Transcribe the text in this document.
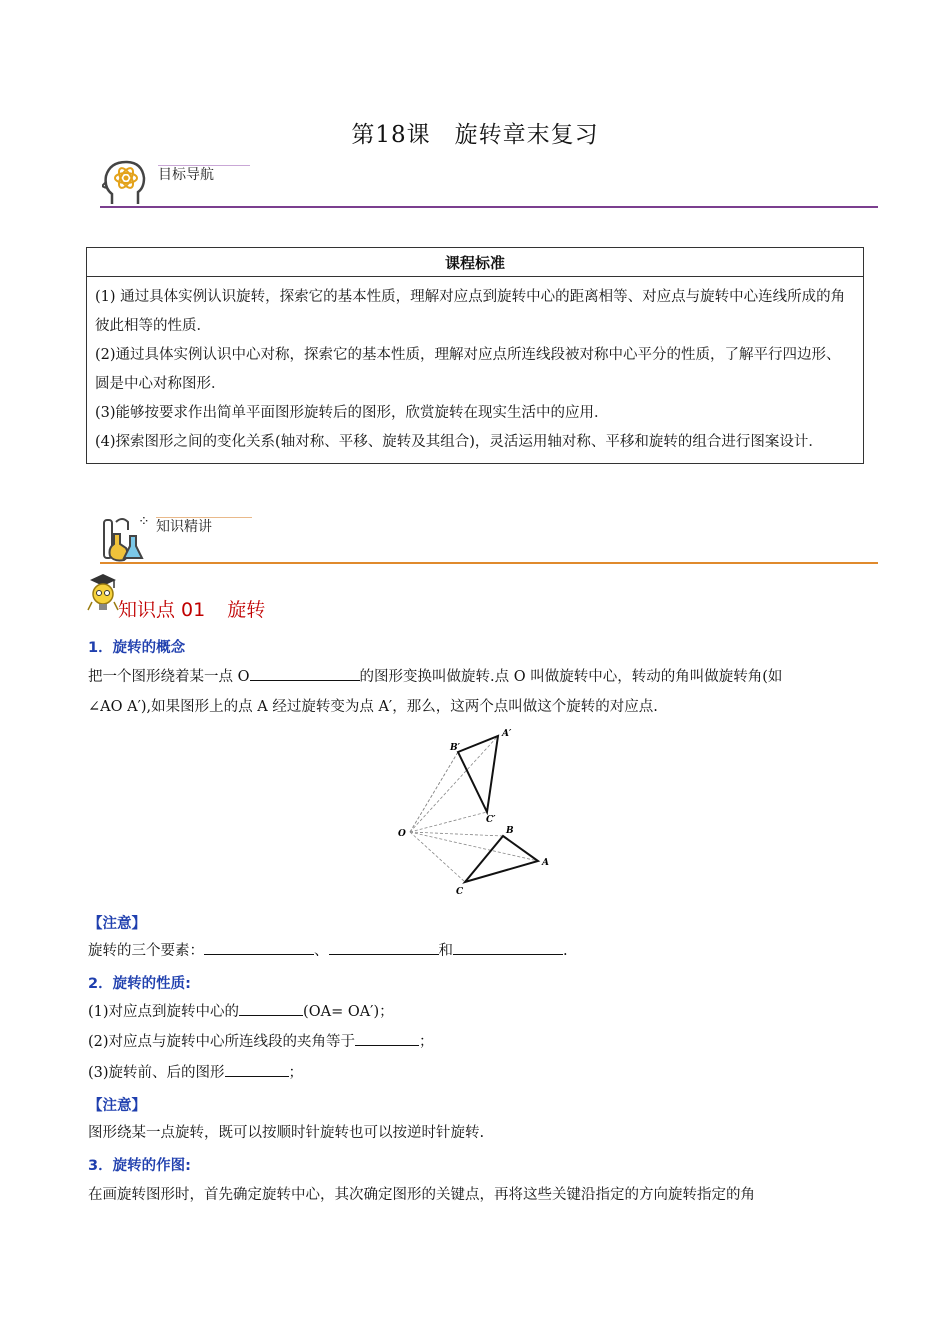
第18课　旋转章末复习
目标导航
课程标准

(1) 通过具体实例认识旋转，探索它的基本性质，理解对应点到旋转中心的距离相等、对应点与旋转中心连线所成的角彼此相等的性质．
(2)通过具体实例认识中心对称，探索它的基本性质，理解对应点所连线段被对称中心平分的性质，了解平行四边形、圆是中心对称图形．
(3)能够按要求作出简单平面图形旋转后的图形，欣赏旋转在现实生活中的应用．
(4)探索图形之间的变化关系(轴对称、平移、旋转及其组合)，灵活运用轴对称、平移和旋转的组合进行图案设计．
⁘ 知识精讲
知识点 01 旋转
1．旋转的概念
把一个图形绕着某一点 O	的图形变换叫做旋转.点 O 叫做旋转中心，转动的角叫做旋转角(如
∠AO A′),如果图形上的点 A 经过旋转变为点 A′，那么，这两个点叫做这个旋转的对应点.
B′
A′
C′
O	B
A
C
【注意】
旋转的三个要素：	、	和	.
2．旋转的性质:
(1)对应点到旋转中心的	(OA= OA′)；
(2)对应点与旋转中心所连线段的夹角等于	；
(3)旋转前、后的图形	；
【注意】
图形绕某一点旋转，既可以按顺时针旋转也可以按逆时针旋转.
3．旋转的作图:
在画旋转图形时，首先确定旋转中心，其次确定图形的关键点，再将这些关键沿指定的方向旋转指定的角
